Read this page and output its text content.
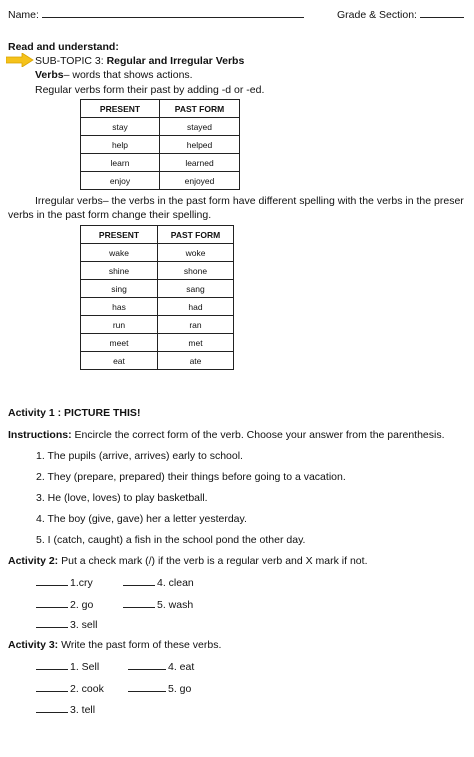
Name:	Grade & Section:
Read and understand:
SUB-TOPIC 3: Regular and Irregular Verbs
Verbs– words that shows actions.
Regular verbs form their past by adding -d or -ed.
PRESENT	PAST FORM
stay	stayed
help	helped
learn	learned
enjoy	enjoyed
Irregular verbs– the verbs in the past form have different spelling with the verbs in the preser
verbs in the past form change their spelling.
PRESENT	PAST FORM
wake	woke
shine	shone
sing	sang
has	had
run	ran
meet	met
eat	ate
Activity 1 : PICTURE THIS!
Instructions: Encircle the correct form of the verb. Choose your answer from the parenthesis.
1. The pupils (arrive, arrives) early to school.
2. They (prepare, prepared) their things before going to a vacation.
3. He (love, loves) to play basketball.
4. The boy (give, gave) her a letter yesterday.
5. I (catch, caught) a fish in the school pond the other day.
Activity 2: Put a check mark (/) if the verb is a regular verb and X mark if not.
1.cry	4. clean
2. go	5. wash
3. sell
Activity 3: Write the past form of these verbs.
1. Sell	4. eat
2. cook	5. go
3. tell
